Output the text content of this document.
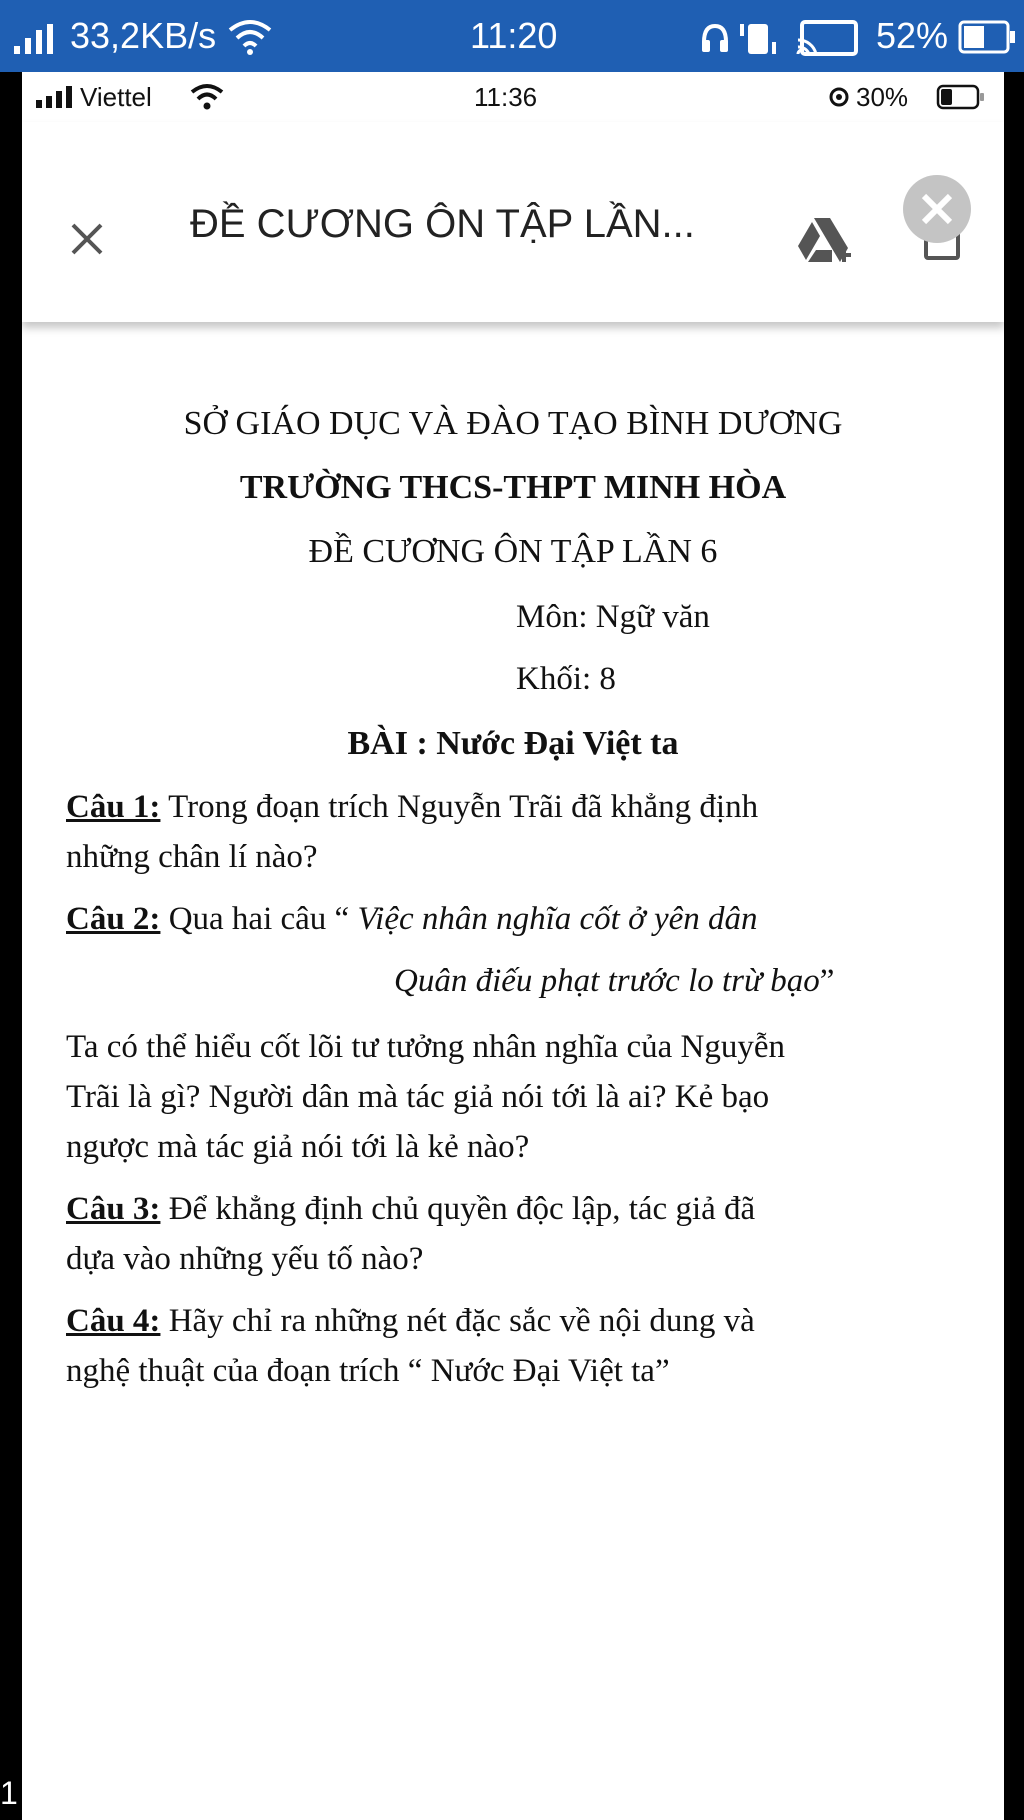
33,2KB/s	11:20	52%
Viettel	11:36	30%
ĐỀ CƯƠNG ÔN TẬP LẦN...
SỞ GIÁO DỤC VÀ ĐÀO TẠO BÌNH DƯƠNG
TRƯỜNG THCS-THPT MINH HÒA
ĐỀ CƯƠNG ÔN TẬP LẦN 6
Môn: Ngữ văn
Khối: 8
BÀI : Nước Đại Việt ta
Câu 1: Trong đoạn trích Nguyễn Trãi đã khẳng định
những chân lí nào?
Câu 2: Qua hai câu “ Việc nhân nghĩa cốt ở yên dân
Quân điếu phạt trước lo trừ bạo”
Ta có thể hiểu cốt lõi tư tưởng nhân nghĩa của Nguyễn
Trãi là gì? Người dân mà tác giả nói tới là ai? Kẻ bạo
ngược mà tác giả nói tới là kẻ nào?
Câu 3: Để khẳng định chủ quyền độc lập, tác giả đã
dựa vào những yếu tố nào?
Câu 4: Hãy chỉ ra những nét đặc sắc về nội dung và
nghệ thuật của đoạn trích “ Nước Đại Việt ta”
1
